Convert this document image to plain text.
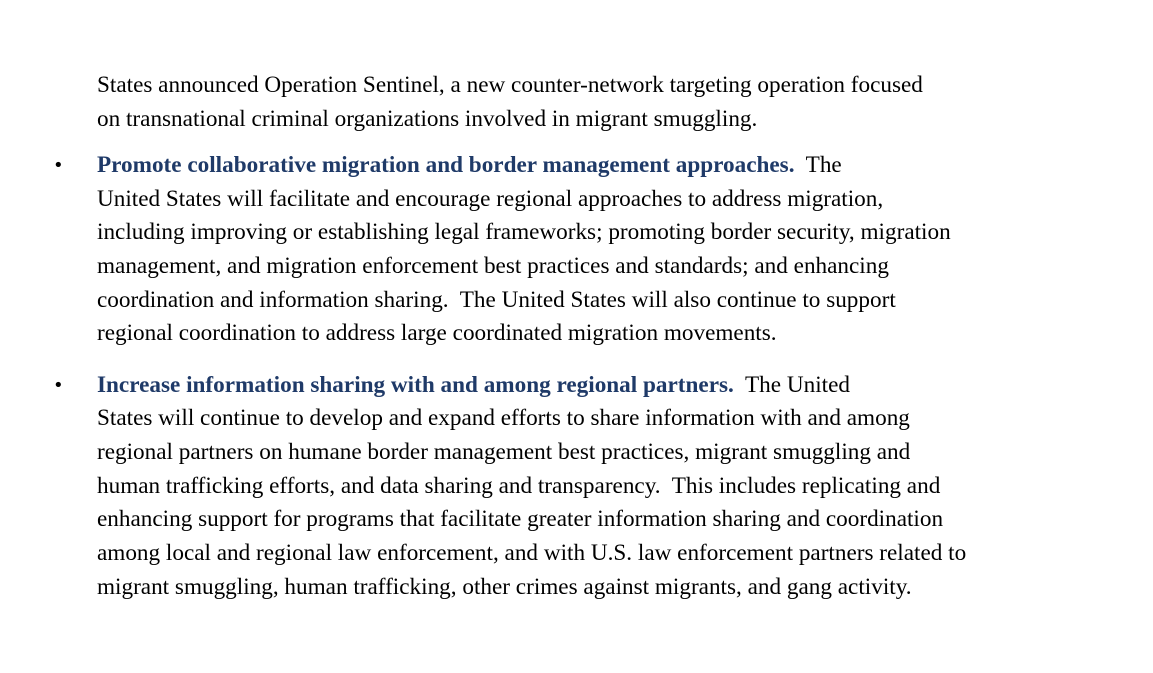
States announced Operation Sentinel, a new counter-network targeting operation focused
on transnational criminal organizations involved in migrant smuggling.

• Promote collaborative migration and border management approaches.  The
United States will facilitate and encourage regional approaches to address migration,
including improving or establishing legal frameworks; promoting border security, migration
management, and migration enforcement best practices and standards; and enhancing
coordination and information sharing.  The United States will also continue to support
regional coordination to address large coordinated migration movements.
• Increase information sharing with and among regional partners.  The United
States will continue to develop and expand efforts to share information with and among
regional partners on humane border management best practices, migrant smuggling and
human trafficking efforts, and data sharing and transparency.  This includes replicating and
enhancing support for programs that facilitate greater information sharing and coordination
among local and regional law enforcement, and with U.S. law enforcement partners related to
migrant smuggling, human trafficking, other crimes against migrants, and gang activity.
